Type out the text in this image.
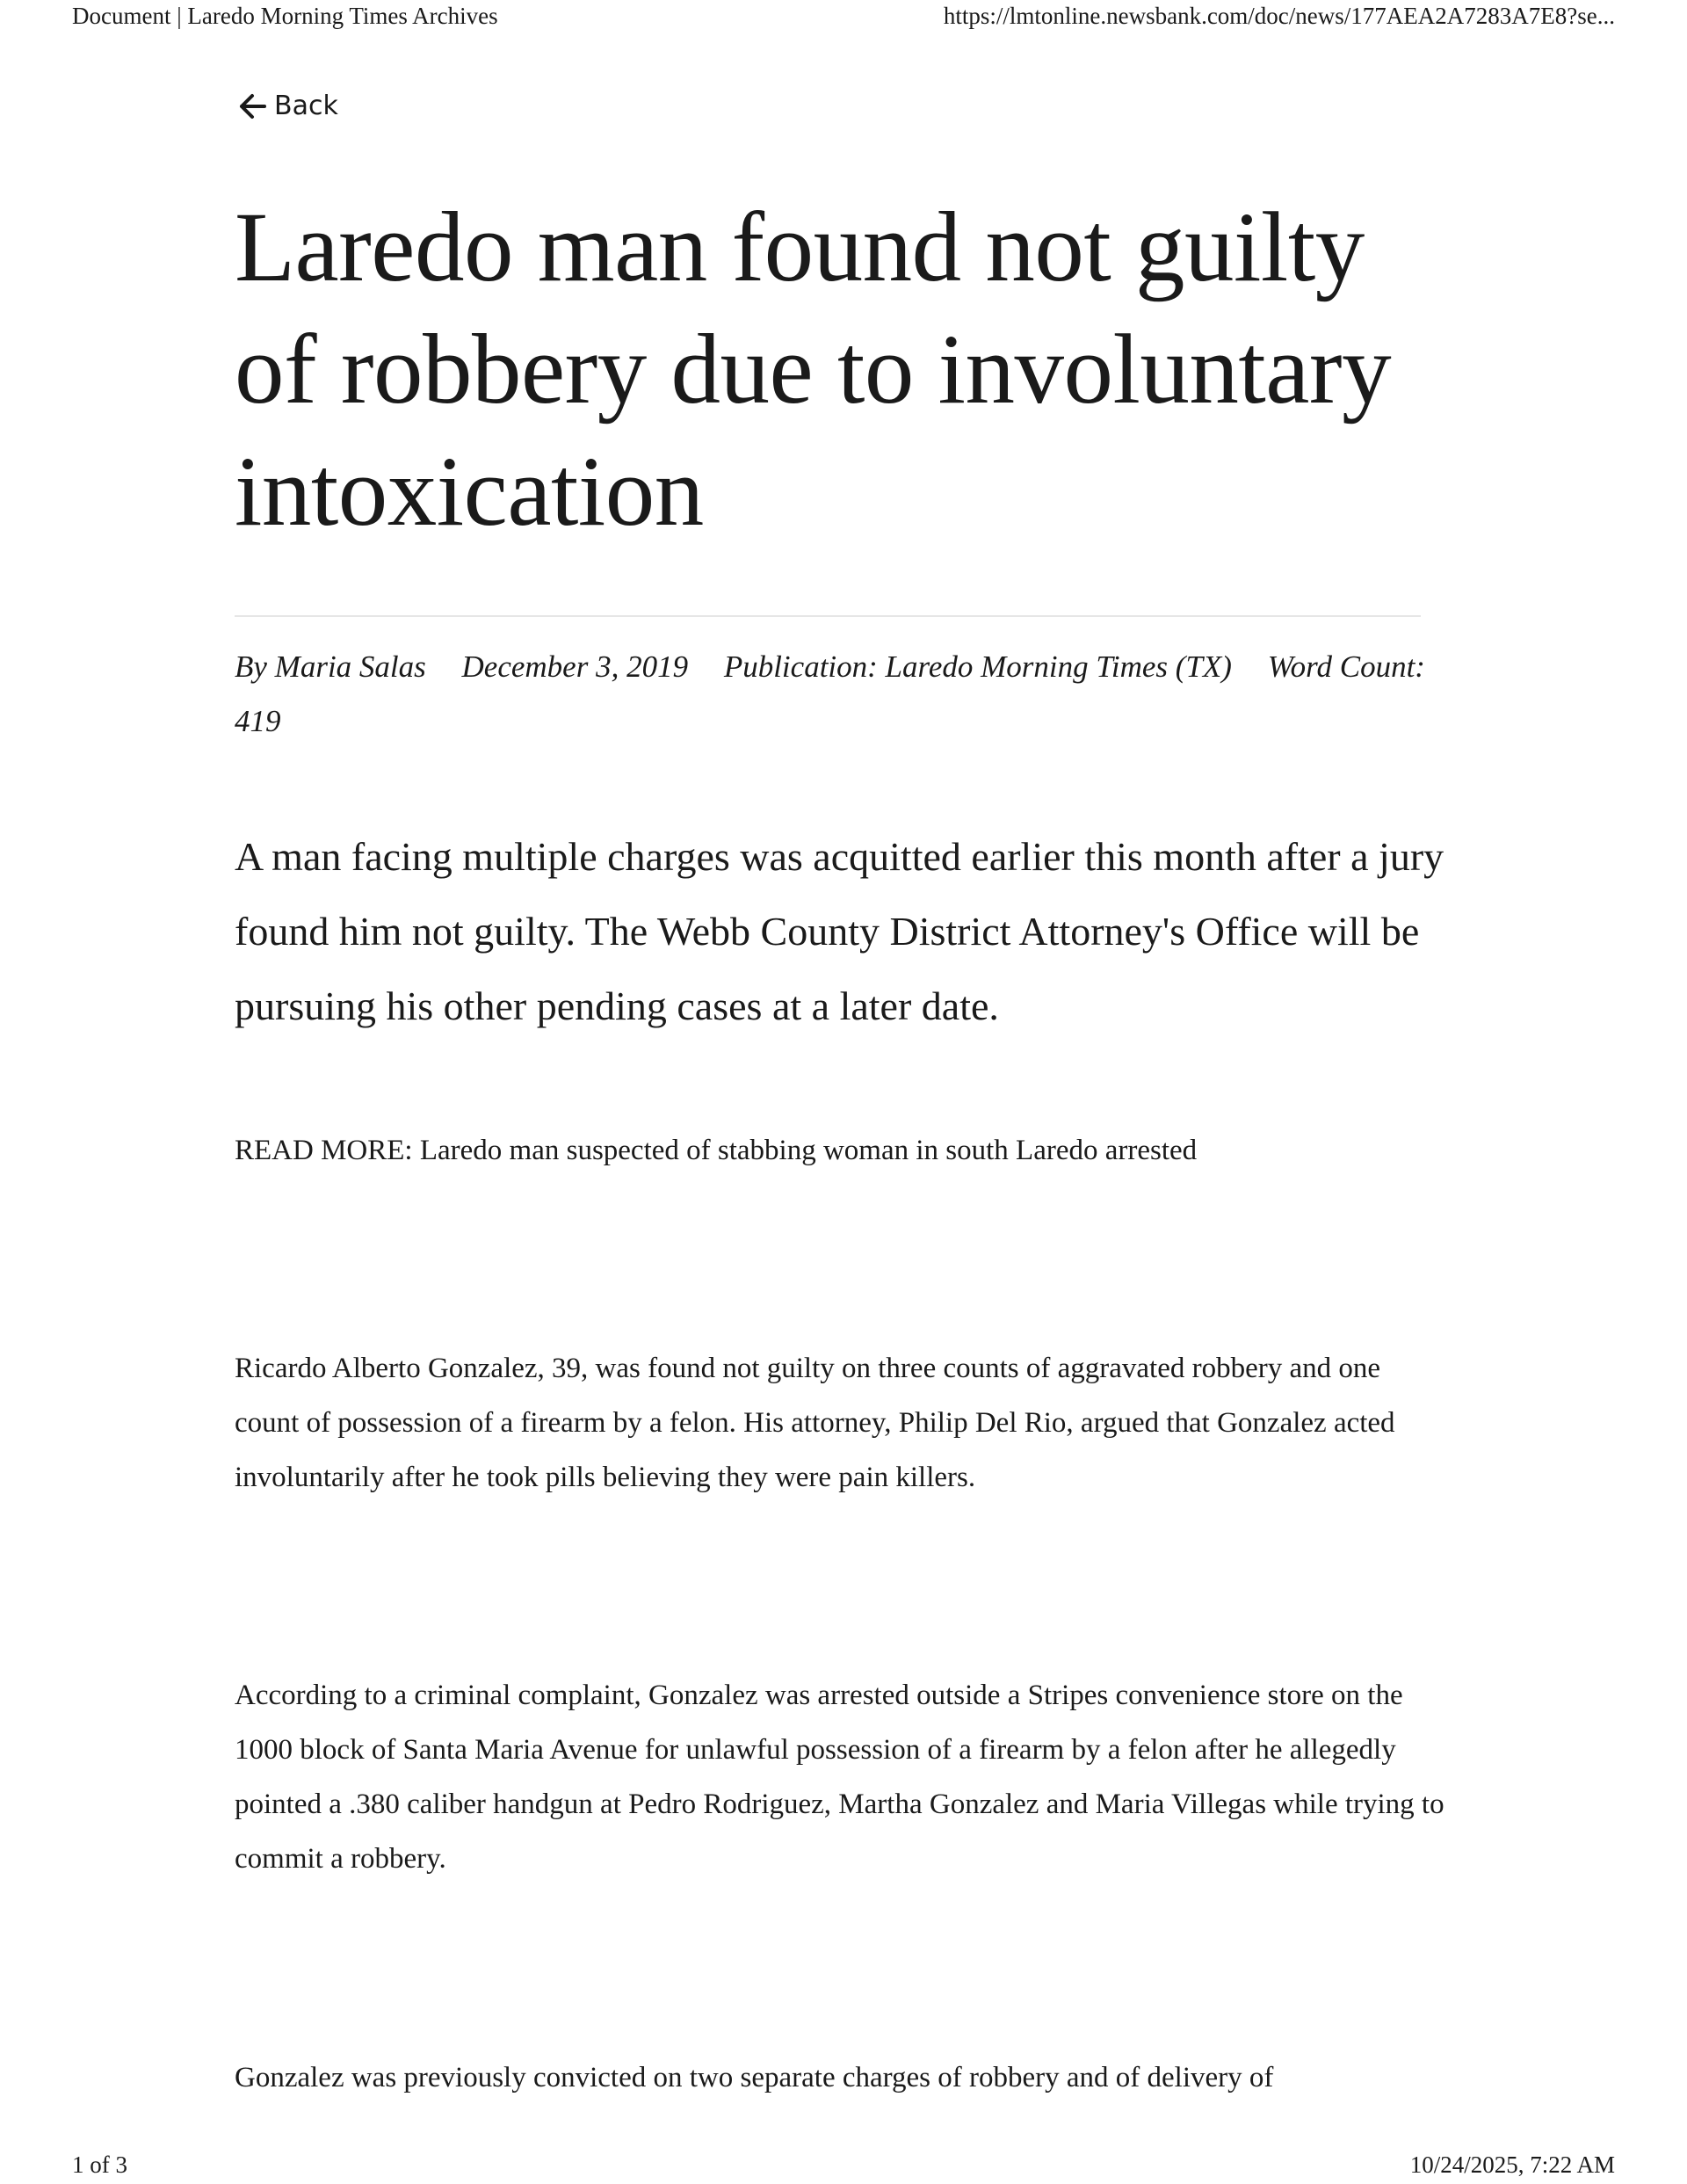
Document | Laredo Morning Times Archives	https://lmtonline.newsbank.com/doc/news/177AEA2A7283A7E8?se...
Back
Laredo man found not guilty of robbery due to involuntary intoxication
By Maria Salas December 3, 2019 Publication: Laredo Morning Times (TX) Word Count: 419

A man facing multiple charges was acquitted earlier this month after a jury found him not guilty. The Webb County District Attorney's Office will be pursuing his other pending cases at a later date.

READ MORE: Laredo man suspected of stabbing woman in south Laredo arrested

Ricardo Alberto Gonzalez, 39, was found not guilty on three counts of aggravated robbery and one count of possession of a firearm by a felon. His attorney, Philip Del Rio, argued that Gonzalez acted involuntarily after he took pills believing they were pain killers.

According to a criminal complaint, Gonzalez was arrested outside a Stripes convenience store on the 1000 block of Santa Maria Avenue for unlawful possession of a firearm by a felon after he allegedly pointed a .380 caliber handgun at Pedro Rodriguez, Martha Gonzalez and Maria Villegas while trying to commit a robbery.

Gonzalez was previously convicted on two separate charges of robbery and of delivery of

1 of 3	10/24/2025, 7:22 AM
